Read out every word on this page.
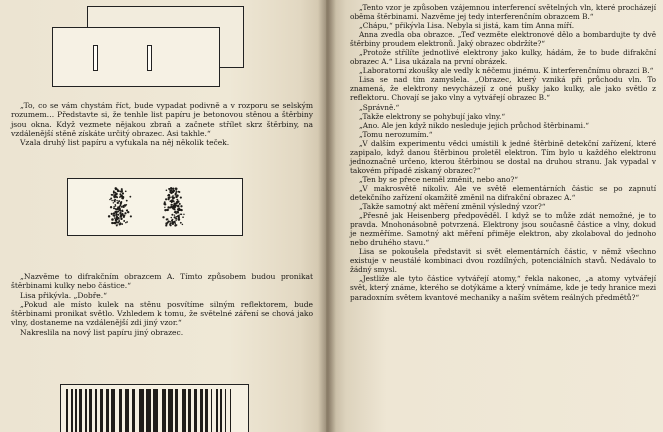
„To, co se vám chystám říct, bude vypadat podivně a v rozporu se selským rozumem… Představte si, že tenhle list papíru je betonovou stěnou a štěrbiny jsou okna. Když vezmete nějakou zbraň a začnete střílet skrz štěrbiny, na vzdálenější stěně získáte určitý obrazec. Asi takhle.“

Vzala druhý list papíru a vyťukala na něj několik teček.

„Nazvěme to difrakčním obrazcem A. Tímto způsobem budou pronikat štěrbinami kulky nebo částice.“

Lisa přikývla. „Dobře.“

„Pokud ale místo kulek na stěnu posvítíme silným reflektorem, bude štěrbinami pronikat světlo. Vzhledem k tomu, že světelné záření se chová jako vlny, dostaneme na vzdálenější zdi jiný vzor.“

Nakreslila na nový list papíru jiný obrazec.

„Tento vzor je způsoben vzájemnou interferencí světelných vln, které procházejí oběma štěrbinami. Nazvěme jej tedy interferenčním obrazcem B.“

„Chápu,“ přikývla Lisa. Nebyla si jistá, kam tím Anna míří.

Anna zvedla oba obrazce. „Teď vezměte elektronové dělo a bombardujte ty dvě štěrbiny proudem elektronů. Jaký obrazec obdržíte?“

„Protože střílíte jednotlivé elektrony jako kulky, hádám, že to bude difrakční obrazec A.“ Lisa ukázala na první obrázek.

„Laboratorní zkoušky ale vedly k něčemu jinému. K interferenčnímu obrazci B.“

Lisa se nad tím zamyslela. „Obrazec, který vzniká při průchodu vln. To znamená, že elektrony nevycházejí z oné pušky jako kulky, ale jako světlo z reflektoru. Chovají se jako vlny a vytvářejí obrazec B.“

„Správně.“

„Takže elektrony se pohybují jako vlny.“

„Ano. Ale jen když nikdo nesleduje jejich průchod štěrbinami.“

„Tomu nerozumím.“

„V dalším experimentu vědci umístili k jedné štěrbině detekční zařízení, které zapipalo, když danou štěrbinou proletěl elektron. Tím bylo u každého elektronu jednoznačně určeno, kterou štěrbinou se dostal na druhou stranu. Jak vypadal v takovém případě získaný obrazec?“

„Ten by se přece neměl změnit, nebo ano?“

„V makrosvětě nikoliv. Ale ve světě elementárních částic se po zapnutí detekčního zařízení okamžitě změnil na difrakční obrazec A.“

„Takže samotný akt měření změnil výsledný vzor?“

„Přesně jak Heisenberg předpověděl. I když se to může zdát nemožné, je to pravda. Mnohonásobně potvrzená. Elektrony jsou současně částice a vlny, dokud je nezměříme. Samotný akt měření přiměje elektron, aby zkolaboval do jednoho nebo druhého stavu.“

Lisa se pokoušela představit si svět elementárních částic, v němž všechno existuje v neustálé kombinaci dvou rozdílných, potenciálních stavů. Nedávalo to žádný smysl.

„Jestliže ale tyto částice vytvářejí atomy,“ řekla nakonec, „a atomy vytvářejí svět, který známe, kterého se dotýkáme a který vnímáme, kde je tedy hranice mezi paradoxním světem kvantové mechaniky a naším světem reálných předmětů?“
